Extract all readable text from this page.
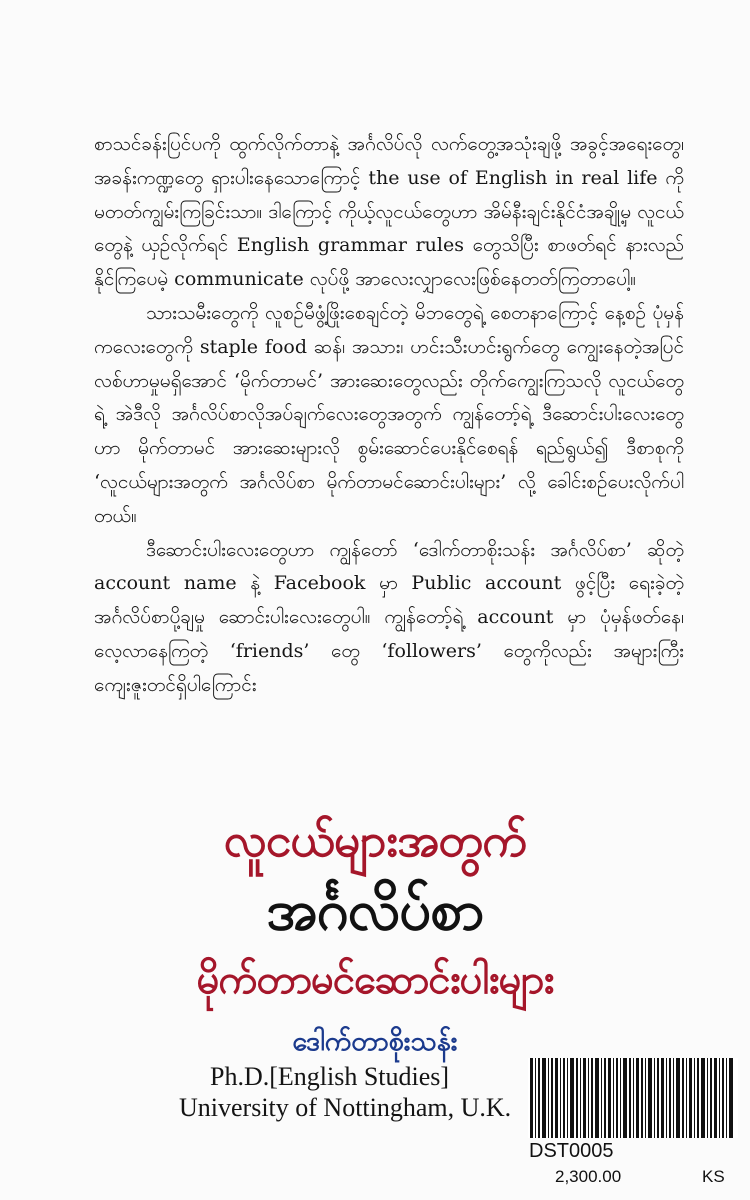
စာသင်ခန်းပြင်ပကို ထွက်လိုက်တာနဲ့ အင်္ဂလိပ်လို လက်တွေ့အသုံးချဖို့ အခွင့်အရေးတွေ၊ အခန်းကဏ္ဍတွေ ရှားပါးနေသောကြောင့် the use of English in real life ကို မတတ်ကျွမ်းကြခြင်းသာ။ ဒါကြောင့် ကိုယ့်လူငယ်တွေဟာ အိမ်နီးချင်းနိုင်ငံအချို့မှ လူငယ်တွေနဲ့ ယှဉ်လိုက်ရင် English grammar rules တွေသိပြီး စာဖတ်ရင် နားလည်နိုင်ကြပေမဲ့ communicate လုပ်ဖို့ အာလေးလျှာလေးဖြစ်နေတတ်ကြတာပေါ့။

သားသမီးတွေကို လူစဉ်မီဖွံ့ဖြိုးစေချင်တဲ့ မိဘတွေရဲ့ စေတနာကြောင့် နေ့စဉ် ပုံမှန် ကလေးတွေကို staple food ဆန်၊ အသား၊ ဟင်းသီးဟင်းရွက်တွေ ကျွေးနေတဲ့အပြင် လစ်ဟာမှုမရှိအောင် ‘မိုက်တာမင်’ အားဆေးတွေလည်း တိုက်ကျွေးကြသလို လူငယ်တွေရဲ့ အဲဒီလို အင်္ဂလိပ်စာလိုအပ်ချက်လေးတွေအတွက် ကျွန်တော့်ရဲ့ ဒီဆောင်းပါးလေးတွေဟာ မိုက်တာမင် အားဆေးများလို စွမ်းဆောင်ပေးနိုင်စေရန် ရည်ရွယ်၍ ဒီစာစုကို ‘လူငယ်များအတွက် အင်္ဂလိပ်စာ မိုက်တာမင်ဆောင်းပါးများ’ လို့ ခေါင်းစဉ်ပေးလိုက်ပါတယ်။

ဒီဆောင်းပါးလေးတွေဟာ ကျွန်တော် ‘ဒေါက်တာစိုးသန်း အင်္ဂလိပ်စာ’ ဆိုတဲ့ account name နဲ့ Facebook မှာ Public account ဖွင့်ပြီး ရေးခဲ့တဲ့ အင်္ဂလိပ်စာပို့ချမှု ဆောင်းပါးလေးတွေပါ။ ကျွန်တော့်ရဲ့ account မှာ ပုံမှန်ဖတ်နေ၊ လေ့လာနေကြတဲ့ ‘friends’ တွေ ‘followers’ တွေကိုလည်း အများကြီးကျေးဇူးတင်ရှိပါကြောင်း

လူငယ်များအတွက်
အင်္ဂလိပ်စာ
မိုက်တာမင်ဆောင်းပါးများ
ဒေါက်တာစိုးသန်း
Ph.D.[English Studies]
University of Nottingham, U.K.
DST0005
2,300.00	KS
